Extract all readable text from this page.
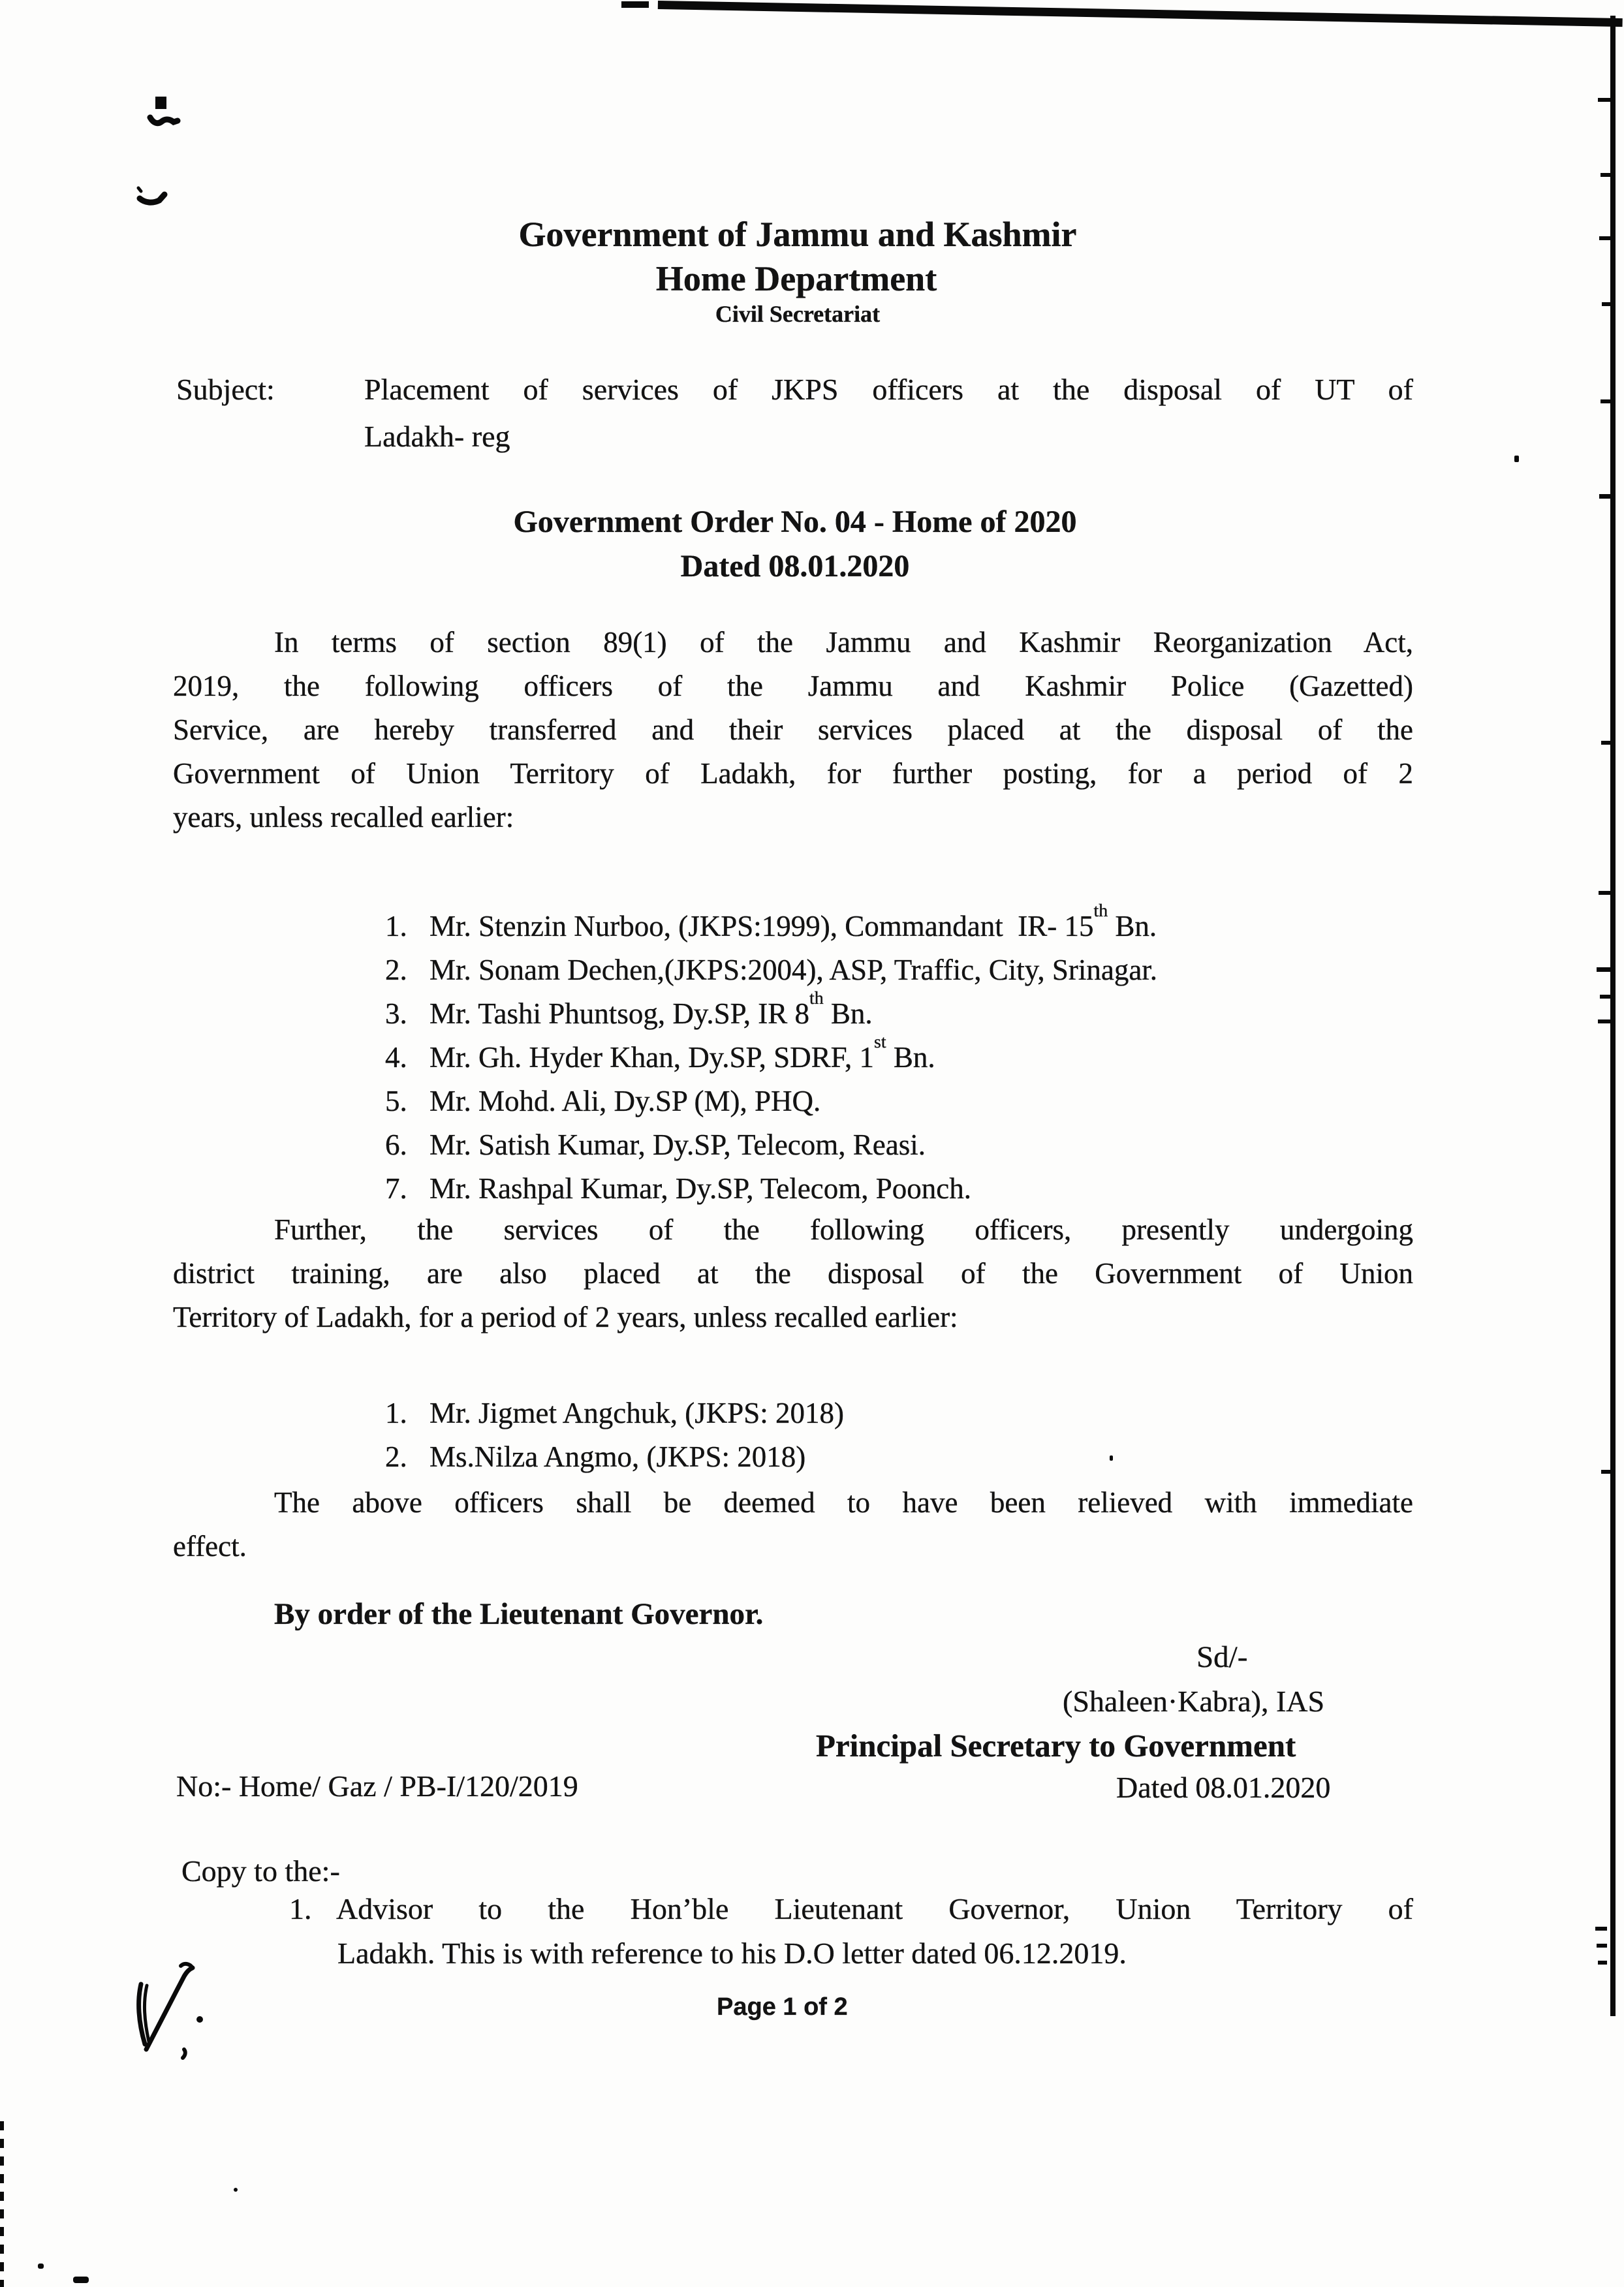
Government of Jammu and Kashmir
Home Department
Civil Secretariat
Subject:	Placement of services of JKPS officers at the disposal of UT of
Ladakh- reg
Government Order No. 04 - Home of 2020
Dated 08.01.2020
In terms of section 89(1) of the Jammu and Kashmir Reorganization Act,
2019, the following officers of the Jammu and Kashmir Police (Gazetted)
Service, are hereby transferred and their services placed at the disposal of the
Government of Union Territory of Ladakh, for further posting, for a period of 2
years, unless recalled earlier:

1. Mr. Stenzin Nurboo, (JKPS:1999), Commandant  IR- 15th Bn.

2. Mr. Sonam Dechen,(JKPS:2004), ASP, Traffic, City, Srinagar.

3. Mr. Tashi Phuntsog, Dy.SP, IR 8th Bn.

4. Mr. Gh. Hyder Khan, Dy.SP, SDRF, 1st Bn.

5. Mr. Mohd. Ali, Dy.SP (M), PHQ.

6. Mr. Satish Kumar, Dy.SP, Telecom, Reasi.

7. Mr. Rashpal Kumar, Dy.SP, Telecom, Poonch.

Further, the services of the following officers, presently undergoing
district training, are also placed at the disposal of the Government of Union
Territory of Ladakh, for a period of 2 years, unless recalled earlier:

1. Mr. Jigmet Angchuk, (JKPS: 2018)

2. Ms.Nilza Angmo, (JKPS: 2018)

The above officers shall be deemed to have been relieved with immediate
effect.
By order of the Lieutenant Governor.
Sd/-
(Shaleen·Kabra), IAS
Principal Secretary to Government
No:- Home/ Gaz / PB-I/120/2019	Dated 08.01.2020
Copy to the:-
1. Advisor to the Hon’ble Lieutenant Governor, Union Territory of
Ladakh. This is with reference to his D.O letter dated 06.12.2019.
Page 1 of 2
